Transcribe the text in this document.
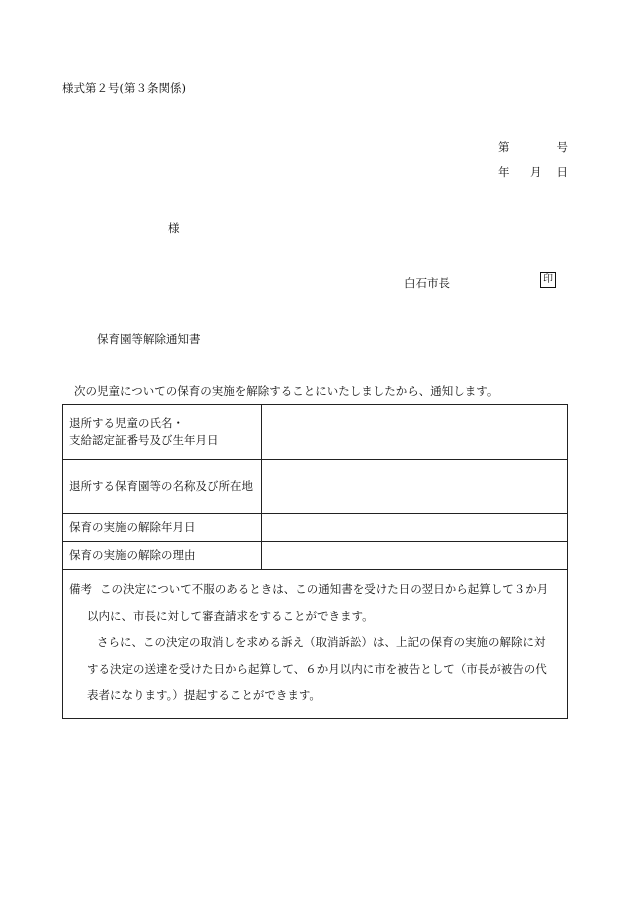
様式第２号(第３条関係)
第	号
年 月 日
様
白石市長	印
保育園等解除通知書
次の児童についての保育の実施を解除することにいたしましたから、通知します。
退所する児童の氏名・
支給認定証番号及び生年月日	

退所する保育園等の名称及び所在地	
保育の実施の解除年月日	
保育の実施の解除の理由	

備考 この決定について不服のあるときは、この通知書を受けた日の翌日から起算して３か月
以内に、市長に対して審査請求をすることができます。
さらに、この決定の取消しを求める訴え（取消訴訟）は、上記の保育の実施の解除に対
する決定の送達を受けた日から起算して、６か月以内に市を被告として（市長が被告の代
表者になります。）提起することができます。	
